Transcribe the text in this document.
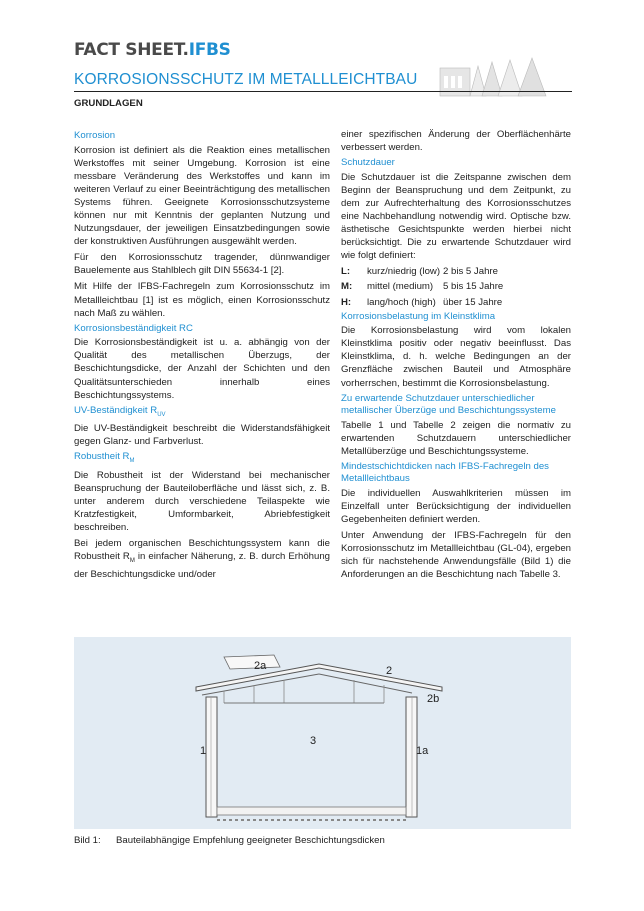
FACT SHEET.IFBS
KORROSIONSSCHUTZ IM METALLLEICHTBAU
GRUNDLAGEN
Korrosion

Korrosion ist definiert als die Reaktion eines metallischen Werkstoffes mit seiner Umgebung. Korrosion ist eine messbare Veränderung des Werkstoffes und kann im weiteren Verlauf zu einer Beeinträchtigung des metallischen Systems führen. Geeignete Korrosionsschutzsysteme können nur mit Kenntnis der geplanten Nutzung und Nutzungsdauer, der jeweiligen Einsatzbedingungen sowie der konstruktiven Ausführungen ausgewählt werden.

Für den Korrosionsschutz tragender, dünnwandiger Bauelemente aus Stahlblech gilt DIN 55634-1 [2].

Mit Hilfe der IFBS-Fachregeln zum Korrosionsschutz im Metallleichtbau [1] ist es möglich, einen Korrosionsschutz nach Maß zu wählen.

Korrosionsbeständigkeit RC

Die Korrosionsbeständigkeit ist u. a. abhängig von der Qualität des metallischen Überzugs, der Beschichtungsdicke, der Anzahl der Schichten und den Qualitätsunterschieden innerhalb eines Beschichtungssystems.

UV-Beständigkeit $R_{UV}$

Die UV-Beständigkeit beschreibt die Widerstandsfähigkeit gegen Glanz- und Farbverlust.

Robustheit $R_M$

Die Robustheit ist der Widerstand bei mechanischer Beanspruchung der Bauteiloberfläche und lässt sich, z. B. unter anderem durch verschiedene Teilaspekte wie Kratzfestigkeit, Umformbarkeit, Abriebfestigkeit beschreiben.

Bei jedem organischen Beschichtungssystem kann die Robustheit $R_M$ in einfacher Näherung, z. B. durch Erhöhung der Beschichtungsdicke und/oder

einer spezifischen Änderung der Oberflächenhärte verbessert werden.

Schutzdauer

Die Schutzdauer ist die Zeitspanne zwischen dem Beginn der Beanspruchung und dem Zeitpunkt, zu dem zur Aufrechterhaltung des Korrosionsschutzes eine Nachbehandlung notwendig wird. Optische bzw. ästhetische Gesichtspunkte werden hierbei nicht berücksichtigt. Die zu erwartende Schutzdauer wird wie folgt definiert:

L:	kurz/niedrig (low) 2 bis 5 Jahre
M:	mittel (medium)	5 bis 15 Jahre
H:	lang/hoch (high) über 15 Jahre
Korrosionsbelastung im Kleinstklima

Die Korrosionsbelastung wird vom lokalen Kleinstklima positiv oder negativ beeinflusst. Das Kleinstklima, d. h. welche Bedingungen an der Grenzfläche zwischen Bauteil und Atmosphäre vorherrschen, bestimmt die Korrosionsbelastung.

Zu erwartende Schutzdauer unterschiedlicher metallischer Überzüge und Beschichtungssysteme

Tabelle 1 und Tabelle 2 zeigen die normativ zu erwartenden Schutzdauern unterschiedlicher Metallüberzüge und Beschichtungssysteme.

Mindestschichtdicken nach IFBS-Fachregeln des Metallleichtbaus

Die individuellen Auswahlkriterien müssen im Einzelfall unter Berücksichtigung der individuellen Gegebenheiten definiert werden.

Unter Anwendung der IFBS-Fachregeln für den Korrosionsschutz im Metallleichtbau (GL-04), ergeben sich für nachstehende Anwendungsfälle (Bild 1) die Anforderungen an die Beschichtung nach Tabelle 3.

2a	2
2b
3
1	1a
Bild 1: Bauteilabhängige Empfehlung geeigneter Beschichtungsdicken
